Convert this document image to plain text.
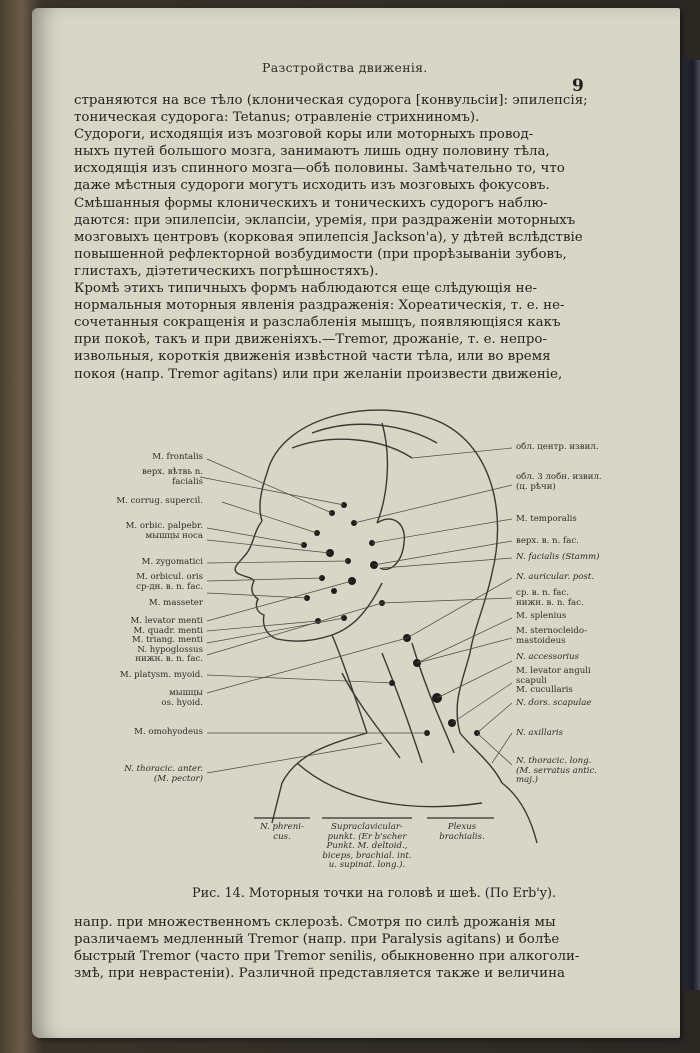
Разстройства движенія.
9
страняются на все тѣло (клоническая судорога [конвульсіи]: эпилепсія;
тоническая судорога: Tetanus; отравленіе стрихниномъ).
Судороги, исходящія изъ мозговой коры или моторныхъ провод-
ныхъ путей большого мозга, занимаютъ лишь одну половину тѣла,
исходящія изъ спинного мозга—обѣ половины. Замѣчательно то, что
даже мѣстныя судороги могутъ исходить изъ мозговыхъ фокусовъ.
Смѣшанныя формы клоническихъ и тоническихъ судорогъ наблю-
даются: при эпилепсіи, эклапсіи, уремія, при раздраженіи моторныхъ
мозговыхъ центровъ (корковая эпилепсія Jackson'a), у дѣтей вслѣдствіе
повышенной рефлекторной возбудимости (при прорѣзываніи зубовъ,
глистахъ, діэтетическихъ погрѣшностяхъ).
Кромѣ этихъ типичныхъ формъ наблюдаются еще слѣдующія не-
нормальныя моторныя явленія раздраженія: Хореатическія, т. е. не-
сочетанныя сокращенія и разслабленія мышцъ, появляющіяся какъ
при покоѣ, такъ и при движеніяхъ.—Tremor, дрожаніе, т. е. непро-
извольныя, короткія движенія извѣстной части тѣла, или во время
покоя (напр. Tremor agitans) или при желаніи произвести движеніе,
M. frontalis
верх. вѣтвь n.
facialis
M. corrug. supercil.
M. orbic. palpebr.
мышцы носа
M. zygomatici
M. orbicul. oris
ср-дн. в. n. fac.
M. masseter
M. levator menti
M. quadr. menti
M. triang. menti
N. hypoglossus
нижн. в. n. fac.
M. platysm. myoid.
мышцы
os. hyoid.
M. omohyodeus
N. thoracic. anter.
(M. pector)
обл. центр. извил.
обл. 3 лобн. извил.
(ц. рѣчи)
M. temporalis
верх. в. n. fac.
N. facialis (Stamm)
N. auricular. post.
ср. в. n. fac.
нижн. в. n. fac.
M. splenius
M. sternocleido-
mastoideus
N. accessorius
M. levator anguli
scapuli
M. cucullaris
N. dors. scapulae
N. axillaris
N. thoracic. long.
(M. serratus antic.
maj.)
N. phreni-
cus.
Supraclavicular-
punkt. (Er b'scher
Punkt. M. deltoid.,
biceps, brachial. int.
u. supinat. long.).
Plexus
brachialis.
Рис. 14. Моторныя точки на головѣ и шеѣ. (По Erb'y).
напр. при множественномъ склерозѣ. Смотря по силѣ дрожанія мы
различаемъ медленный Tremor (напр. при Paralysis agitans) и болѣе
быстрый Tremor (часто при Tremor senilis, обыкновенно при алкоголи-
змѣ, при неврастеніи). Различной представляется также и величина
